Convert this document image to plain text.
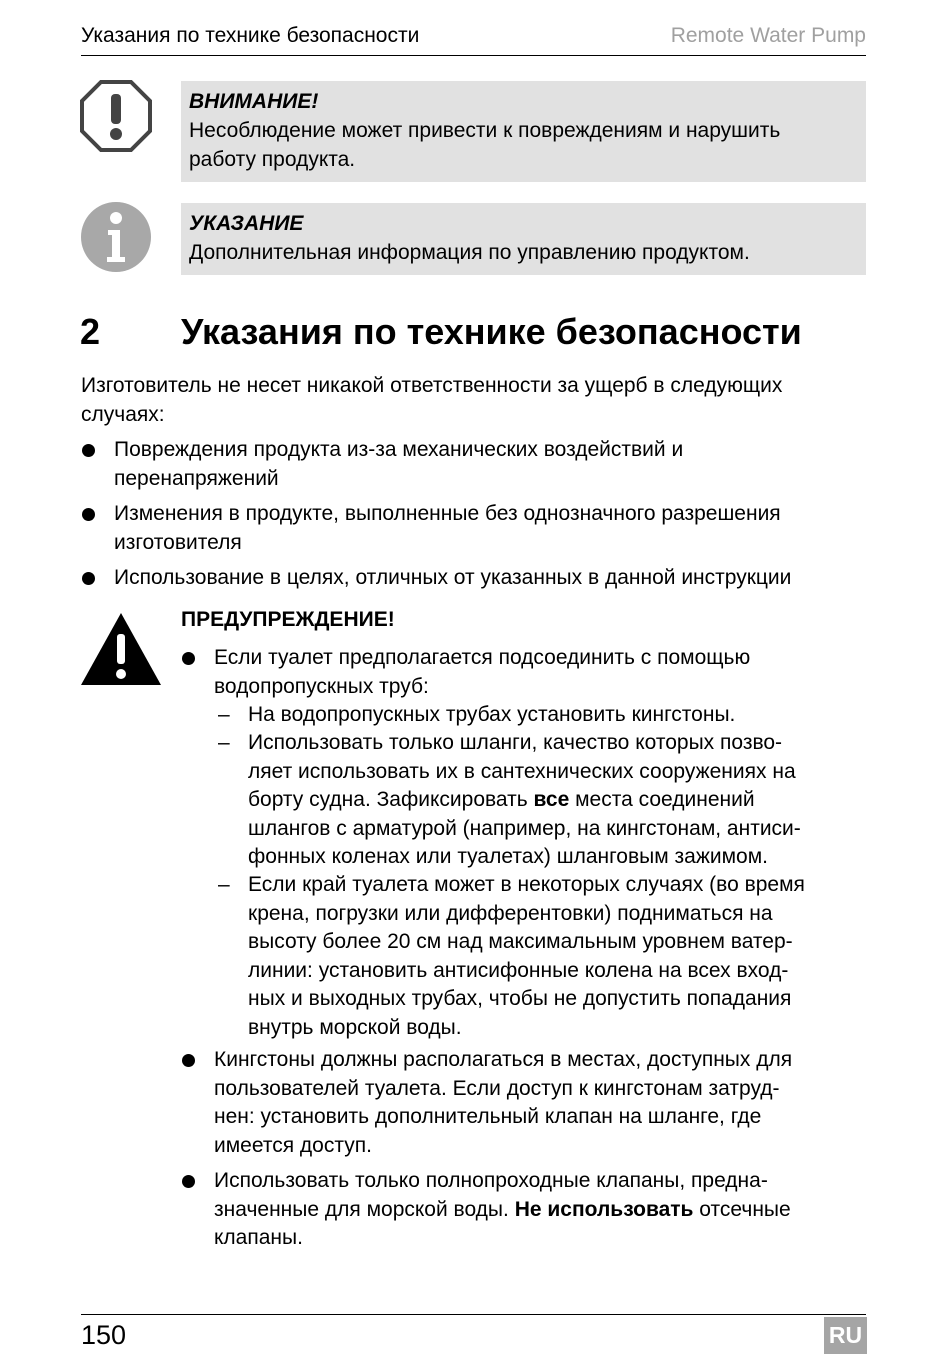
Указания по технике безопасности	Remote Water Pump
ВНИМАНИЕ!
Несоблюдение может привести к повреждениям и нарушить
работу продукта.
УКАЗАНИЕ
Дополнительная информация по управлению продуктом.
2 Указания по технике безопасности
Изготовитель не несет никакой ответственности за ущерб в следующих
случаях:
Повреждения продукта из-за механических воздействий и
перенапряжений
Изменения в продукте, выполненные без однозначного разрешения
изготовителя
Использование в целях, отличных от указанных в данной инструкции
ПРЕДУПРЕЖДЕНИЕ!
Если туалет предполагается подсоединить с помощью
водопропускных труб:
– На водопропускных трубах установить кингстоны.
– Использовать только шланги, качество которых позво-
ляет использовать их в сантехнических сооружениях на
борту судна. Зафиксировать все места соединений
шлангов с арматурой (например, на кингстонам, антиси-
фонных коленах или туалетах) шланговым зажимом.
– Если край туалета может в некоторых случаях (во время
крена, погрузки или дифферентовки) подниматься на
высоту более 20 см над максимальным уровнем ватер-
линии: установить антисифонные колена на всех вход-
ных и выходных трубах, чтобы не допустить попадания
внутрь морской воды.
Кингстоны должны располагаться в местах, доступных для
пользователей туалета. Если доступ к кингстонам затруд-
нен: установить дополнительный клапан на шланге, где
имеется доступ.
Использовать только полнопроходные клапаны, предна-
значенные для морской воды. Не использовать отсечные
клапаны.
150	RU
